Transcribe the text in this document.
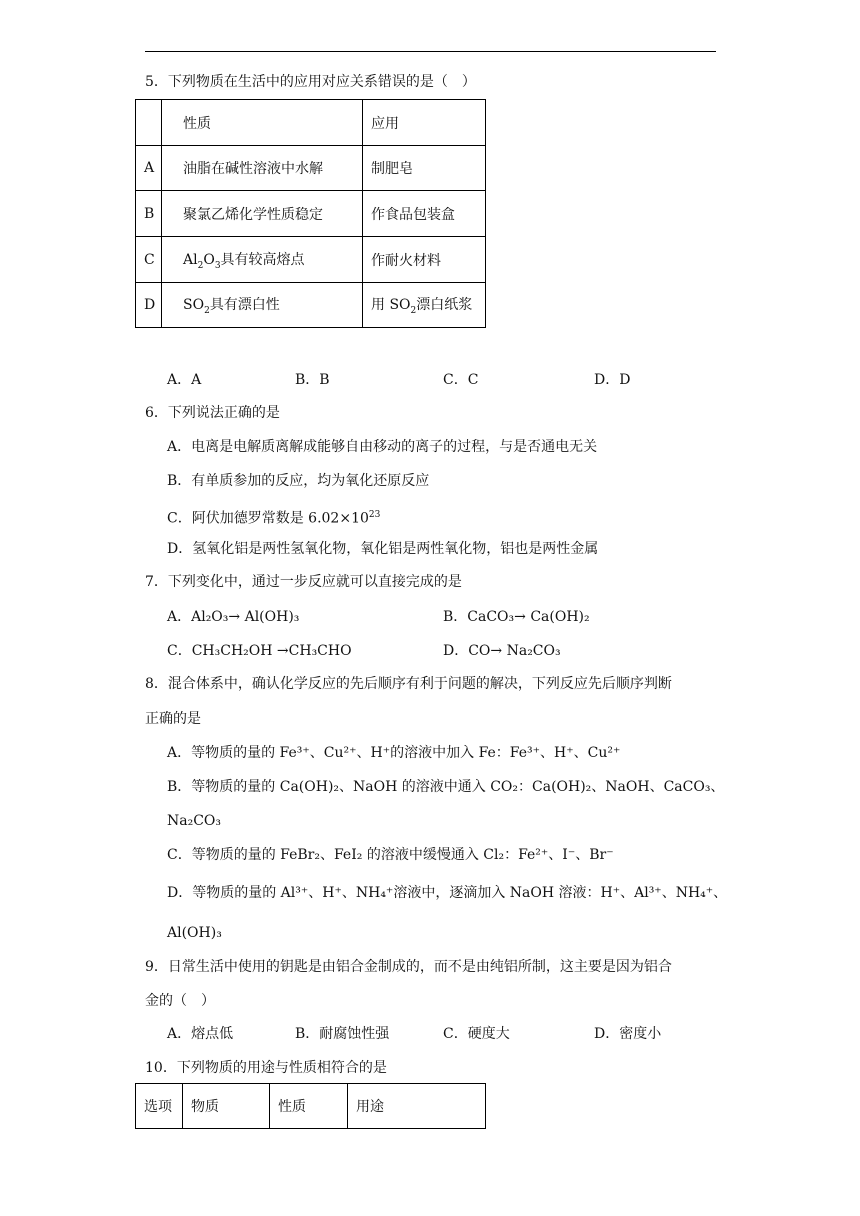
5．下列物质在生活中的应用对应关系错误的是（　）
	性质	应用
A	油脂在碱性溶液中水解	制肥皂
B	聚氯乙烯化学性质稳定	作食品包装盒
C	$Al_2O_3$具有较高熔点	作耐火材料
D	$SO_2$具有漂白性	用 $SO_2$漂白纸浆
A．A	B．B	C．C	D．D
6．下列说法正确的是
A．电离是电解质离解成能够自由移动的离子的过程，与是否通电无关
B．有单质参加的反应，均为氧化还原反应
C．阿伏加德罗常数是 $6.02\times 10^{23}$
D．氢氧化铝是两性氢氧化物，氧化铝是两性氧化物，铝也是两性金属
7．下列变化中，通过一步反应就可以直接完成的是
A．Al₂O₃→ Al(OH)₃	B．CaCO₃→ Ca(OH)₂
C．CH₃CH₂OH →CH₃CHO	D．CO→ Na₂CO₃
8．混合体系中，确认化学反应的先后顺序有利于问题的解决，下列反应先后顺序判断
正确的是
A．等物质的量的 Fe³⁺、Cu²⁺、H⁺的溶液中加入 Fe：Fe³⁺、H⁺、Cu²⁺
B．等物质的量的 Ca(OH)₂、NaOH 的溶液中通入 CO₂：Ca(OH)₂、NaOH、CaCO₃、
Na₂CO₃
C．等物质的量的 FeBr₂、FeI₂ 的溶液中缓慢通入 Cl₂：Fe²⁺、I⁻、Br⁻
D．等物质的量的 Al³⁺、H⁺、NH₄⁺溶液中，逐滴加入 NaOH 溶液：H⁺、Al³⁺、NH₄⁺、
Al(OH)₃
9．日常生活中使用的钥匙是由铝合金制成的，而不是由纯铝所制，这主要是因为铝合
金的（　）
A．熔点低	B．耐腐蚀性强	C．硬度大	D．密度小
10．下列物质的用途与性质相符合的是
选项	物质	性质	用途
